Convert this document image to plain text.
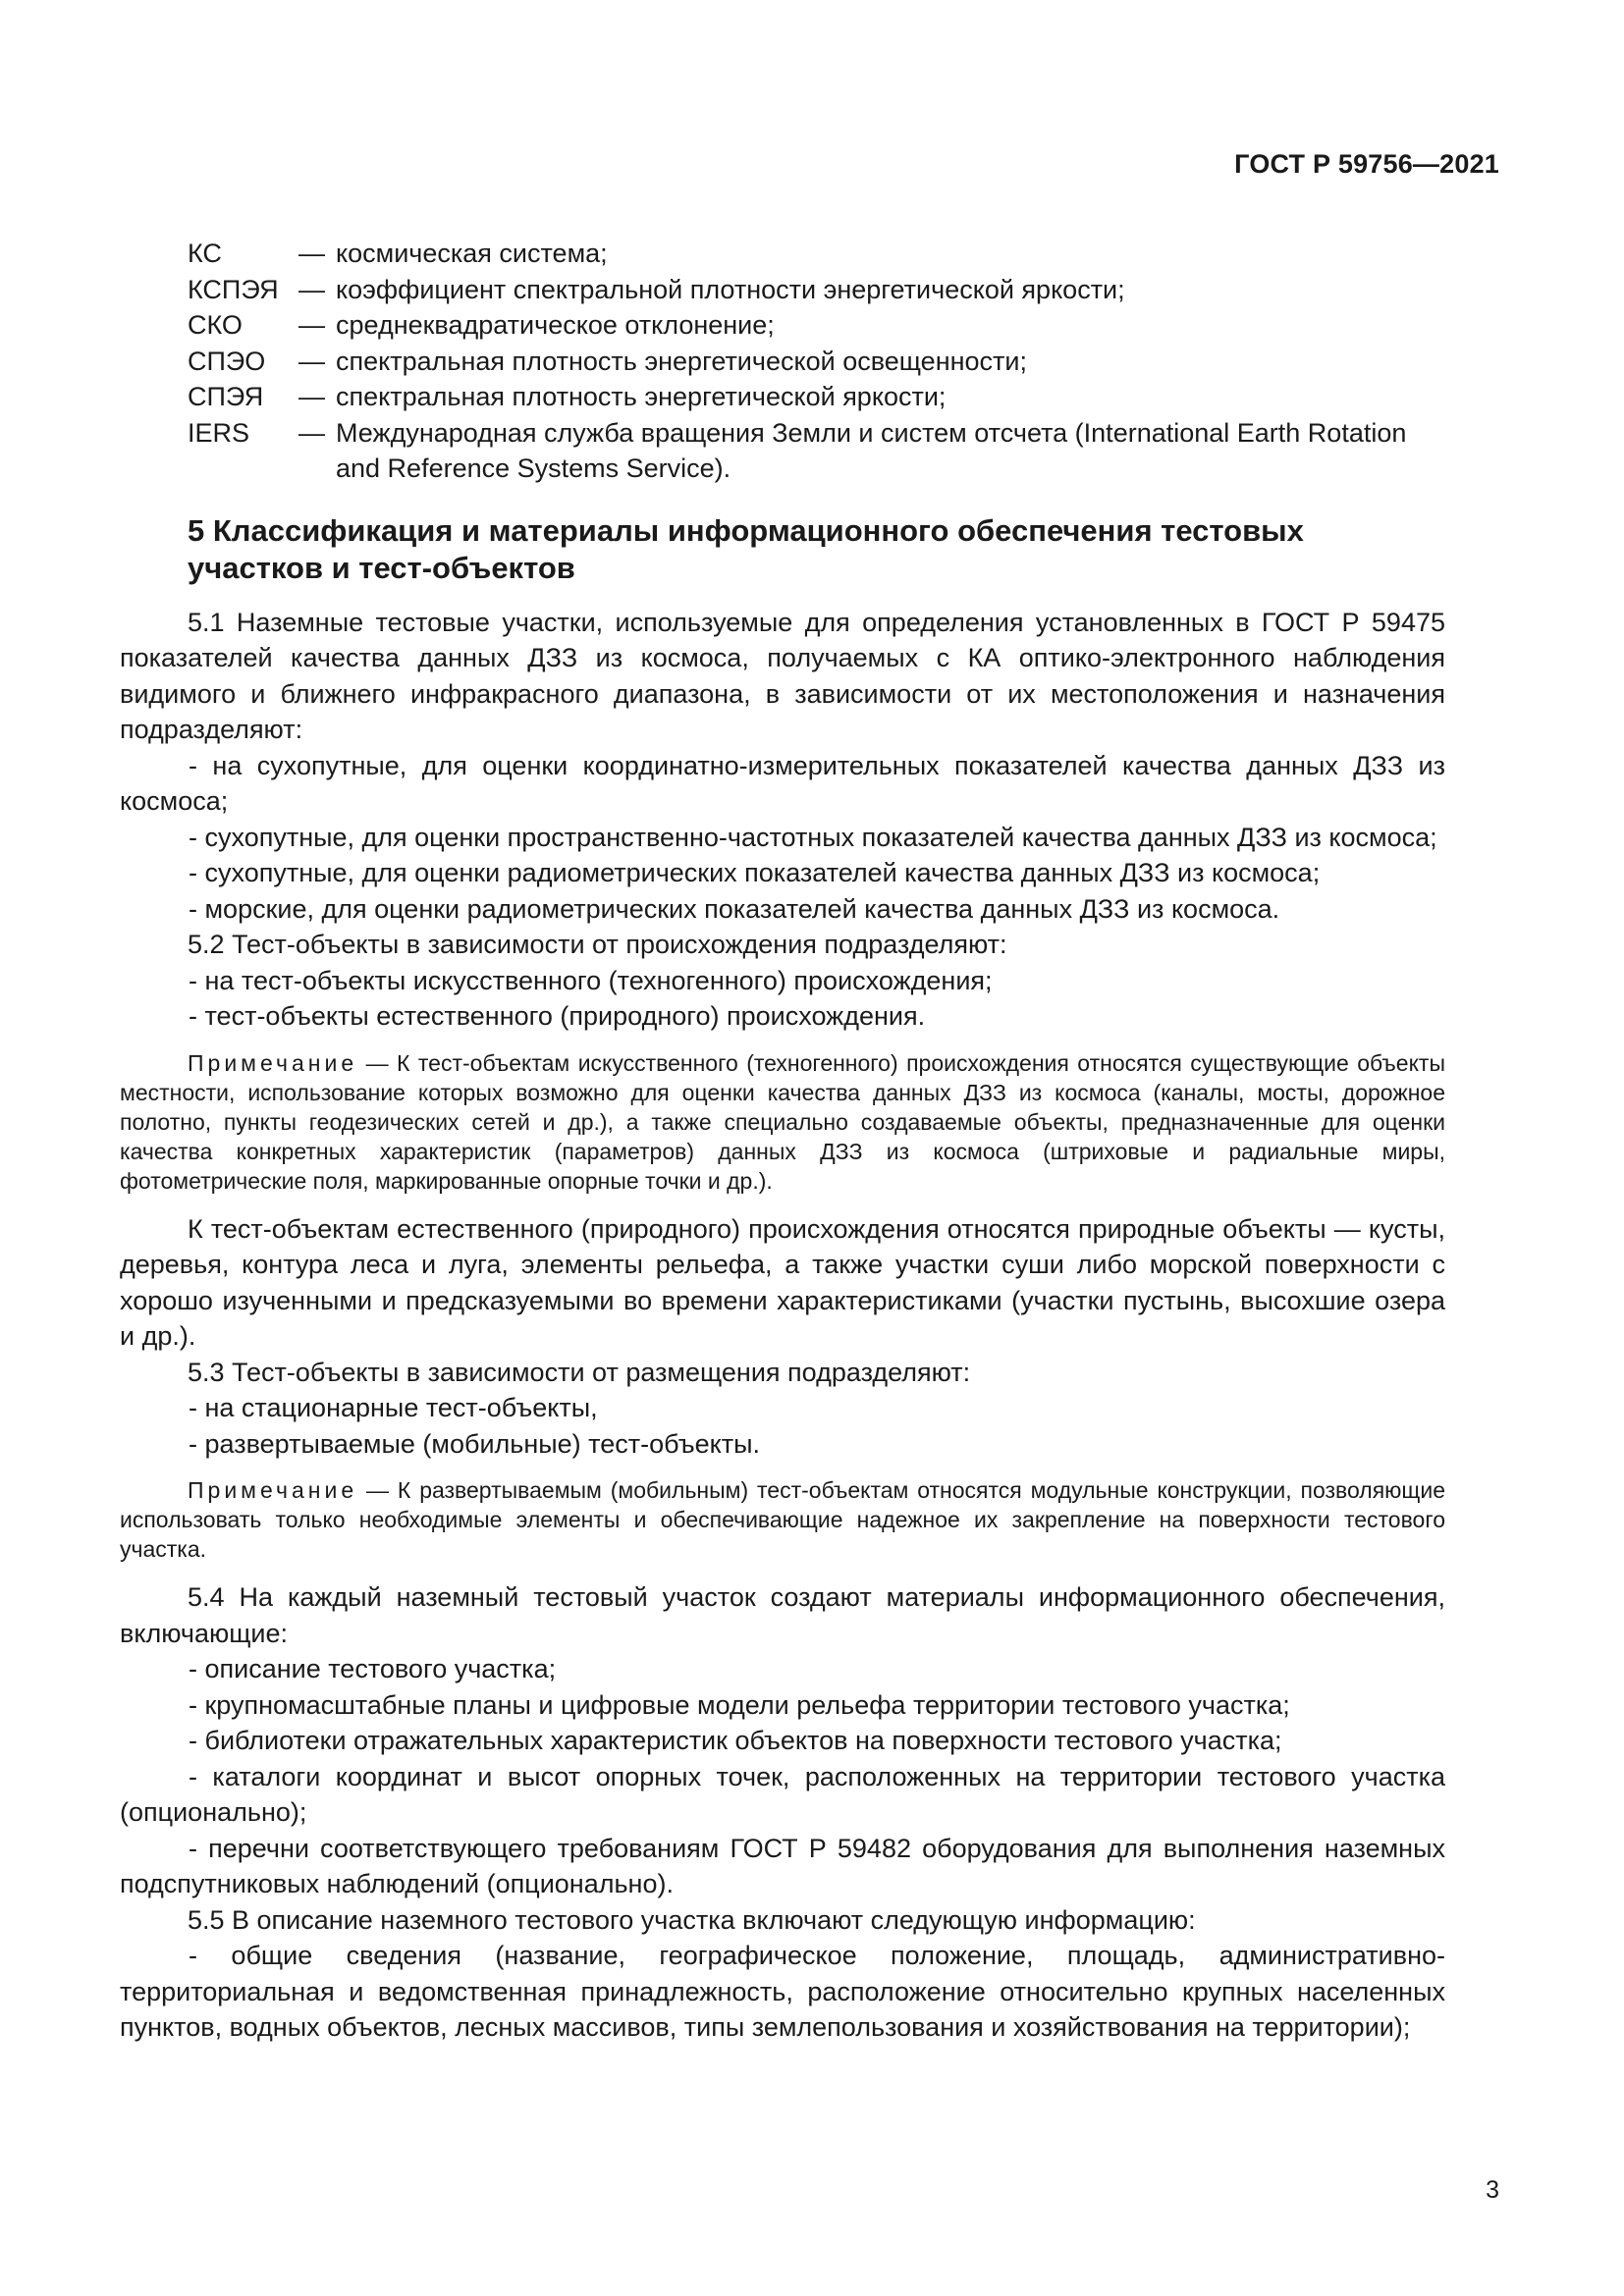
ГОСТ Р 59756—2021
КС	— космическая система;
КСПЭЯ — коэффициент спектральной плотности энергетической яркости;
СКО	— среднеквадратическое отклонение;
СПЭО	— спектральная плотность энергетической освещенности;
СПЭЯ	— спектральная плотность энергетической яркости;
IERS	— Международная служба вращения Земли и систем отсчета (International Earth Rotation and Reference Systems Service).
5 Классификация и материалы информационного обеспечения тестовых участков и тест-объектов

5.1 Наземные тестовые участки, используемые для определения установленных в ГОСТ Р 59475 показателей качества данных ДЗЗ из космоса, получаемых с КА оптико-электронного наблюдения видимого и ближнего инфракрасного диапазона, в зависимости от их местоположения и назначения подразделяют:

- на сухопутные, для оценки координатно-измерительных показателей качества данных ДЗЗ из космоса;

- сухопутные, для оценки пространственно-частотных показателей качества данных ДЗЗ из космоса;

- сухопутные, для оценки радиометрических показателей качества данных ДЗЗ из космоса;

- морские, для оценки радиометрических показателей качества данных ДЗЗ из космоса.

5.2 Тест-объекты в зависимости от происхождения подразделяют:

- на тест-объекты искусственного (техногенного) происхождения;

- тест-объекты естественного (природного) происхождения.

Примечание — К тест-объектам искусственного (техногенного) происхождения относятся существующие объекты местности, использование которых возможно для оценки качества данных ДЗЗ из космоса (каналы, мосты, дорожное полотно, пункты геодезических сетей и др.), а также специально создаваемые объекты, предназначенные для оценки качества конкретных характеристик (параметров) данных ДЗЗ из космоса (штриховые и радиальные миры, фотометрические поля, маркированные опорные точки и др.).

К тест-объектам естественного (природного) происхождения относятся природные объекты — кусты, деревья, контура леса и луга, элементы рельефа, а также участки суши либо морской поверхности с хорошо изученными и предсказуемыми во времени характеристиками (участки пустынь, высохшие озера и др.).

5.3 Тест-объекты в зависимости от размещения подразделяют:

- на стационарные тест-объекты,

- развертываемые (мобильные) тест-объекты.

Примечание — К развертываемым (мобильным) тест-объектам относятся модульные конструкции, позволяющие использовать только необходимые элементы и обеспечивающие надежное их закрепление на поверхности тестового участка.

5.4 На каждый наземный тестовый участок создают материалы информационного обеспечения, включающие:

- описание тестового участка;

- крупномасштабные планы и цифровые модели рельефа территории тестового участка;

- библиотеки отражательных характеристик объектов на поверхности тестового участка;

- каталоги координат и высот опорных точек, расположенных на территории тестового участка (опционально);

- перечни соответствующего требованиям ГОСТ Р 59482 оборудования для выполнения наземных подспутниковых наблюдений (опционально).

5.5 В описание наземного тестового участка включают следующую информацию:

- общие сведения (название, географическое положение, площадь, административно-территориальная и ведомственная принадлежность, расположение относительно крупных населенных пунктов, водных объектов, лесных массивов, типы землепользования и хозяйствования на территории);

3
